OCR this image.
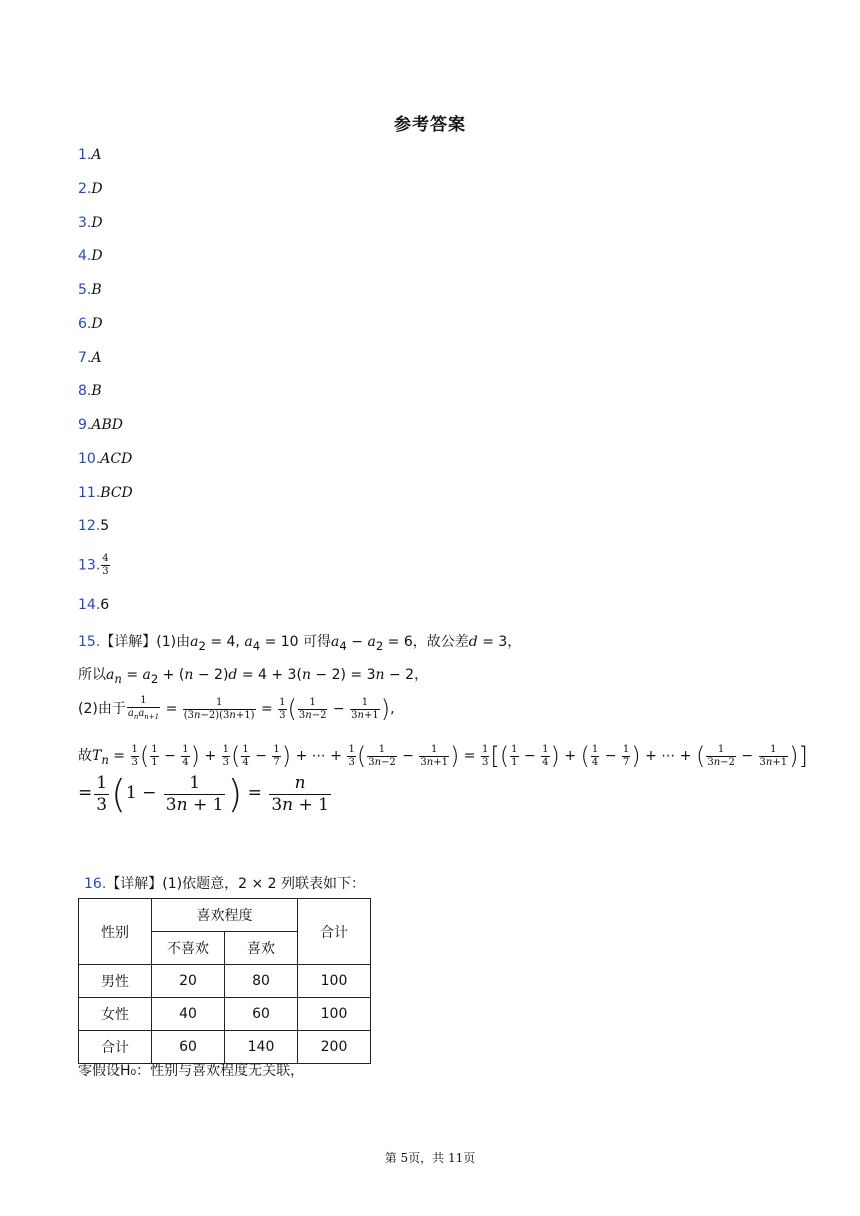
参考答案
1.A
2.D
3.D
4.D
5.B
6.D
7.A
8.B
9.ABD
10.ACD
11.BCD
12.5
13. $\frac{4}{3}$
14.6
15.【详解】(1)由$a_2 = 4$, $a_4 = 10$ 可得$a_4 - a_2 = 6$，故公差d = 3，
所以$a_n = a_2 + (n - 2)d = 4 + 3(n - 2) = 3n - 2$，
(2)由于 $\frac{1}{a_na_{n+1}} = \frac{1}{(3n-2)(3n+1)} = \frac{1}{3}$ ( $\frac{1}{3n-2} - \frac{1}{3n+1}$ ),
故$T_n = \frac{1}{3}$ ( $\frac{1}{1} - \frac{1}{4}$ ) + $\frac{1}{3}$ ( $\frac{1}{4} - \frac{1}{7}$ ) + ⋯ + $\frac{1}{3}$ ( $\frac{1}{3n-2} - \frac{1}{3n+1}$ ) = $\frac{1}{3}$ [( $\frac{1}{1} - \frac{1}{4}$ ) + ( $\frac{1}{4} - \frac{1}{7}$ ) + ⋯ + ( $\frac{1}{3n-2} - \frac{1}{3n+1}$ )]
= $\frac{1}{3} (1 - \frac{1}{3n + 1}$ ) = $\frac{n}{3n + 1}$
16.【详解】(1)依题意，2 × 2 列联表如下：
性别	喜欢程度		合计
	不喜欢	喜欢	
男性	20	80	100
女性	40	60	100
合计	60	140	200
零假设H₀：性别与喜欢程度无关联，
第 5页，共 11页
